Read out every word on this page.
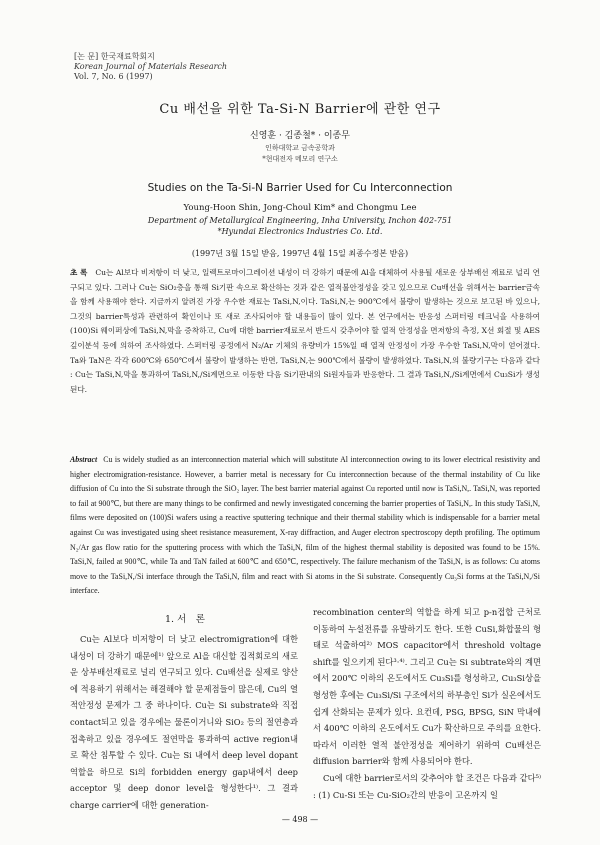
[논 문] 한국재료학회지
Korean Journal of Materials Research
Vol. 7, No. 6 (1997)
Cu 배선을 위한 Ta-Si-N Barrier에 관한 연구
신영훈 · 김종철* · 이종무
인하대학교 금속공학과
*현대전자 메모리 연구소
Studies on the Ta-Si-N Barrier Used for Cu Interconnection
Young-Hoon Shin, Jong-Choul Kim* and Chongmu Lee
Department of Metallurgical Engineering, Inha University, Inchon 402-751
*Hyundai Electronics Industries Co. Ltd.
(1997년 3월 15일 받음, 1997년 4월 15일 최종수정본 받음)
초 록 Cu는 Al보다 비저항이 더 낮고, 일렉트로마이그레이션 내성이 더 강하기 때문에 Al을 대체하여 사용될 새로운 상부배선 재료로 널리 연구되고 있다. 그러나 Cu는 SiO₂층을 통해 Si기판 속으로 확산하는 것과 같은 열적불안정성을 갖고 있으므로 Cu배선을 위해서는 barrier금속을 함께 사용해야 한다. 지금까지 알려진 가장 우수한 재료는 TaSi,N,이다. TaSi,N,는 900℃에서 불량이 발생하는 것으로 보고된 바 있으나, 그것의 barrier특성과 관련하여 확인이나 또 새로 조사되어야 할 내용들이 많이 있다. 본 연구에서는 반응성 스퍼터링 테크닉을 사용하여 (100)Si 웨이퍼상에 TaSi,N,막을 증착하고, Cu에 대한 barrier재료로서 반드시 갖추어야 할 열적 안정성을 면저항의 측정, X선 회절 및 AES 깊이분석 등에 의하여 조사하였다. 스퍼터링 공정에서 N₂/Ar 기체의 유량비가 15%일 때 열적 안정성이 가장 우수한 TaSi,N,막이 얻어졌다. Ta와 TaN은 각각 600℃와 650℃에서 불량이 발생하는 반면, TaSi,N,는 900℃에서 불량이 발생하였다. TaSi,N,의 불량기구는 다음과 같다 : Cu는 TaSi,N,막을 통과하여 TaSi,N,/Si계면으로 이동한 다음 Si기판내의 Si원자들과 반응한다. 그 결과 TaSi,N,/Si계면에서 Cu₃Si가 생성된다.
Abstract Cu is widely studied as an interconnection material which will substitute Al interconnection owing to its lower electrical resistivity and higher electromigration-resistance. However, a barrier metal is necessary for Cu interconnection because of the thermal instability of Cu like diffusion of Cu into the Si substrate through the SiO₂ layer. The best barrier material against Cu reported until now is TaSi,N,. TaSi,N, was reported to fail at 900℃, but there are many things to be confirmed and newly investigated concerning the barrier properties of TaSi,N,. In this study TaSi,N, films were deposited on (100)Si wafers using a reactive sputtering technique and their thermal stability which is indispensable for a barrier metal against Cu was investigated using sheet resistance measurement, X-ray diffraction, and Auger electron spectroscopy depth profiling. The optimum N₂/Ar gas flow ratio for the sputtering process with which the TaSi,N, film of the highest thermal stability is deposited was found to be 15%. TaSi,N, failed at 900℃, while Ta and TaN failed at 600℃ and 650℃, respectively. The failure mechanism of the TaSi,N, is as follows: Cu atoms move to the TaSi,N,/Si interface through the TaSi,N, film and react with Si atoms in the Si substrate. Consequently Cu₃Si forms at the TaSi,N,/Si interface.
1. 서　론

Cu는 Al보다 비저항이 더 낮고 electromigration에 대한 내성이 더 강하기 때문에¹⁾ 앞으로 Al을 대신할 집적회로의 새로운 상부배선재료로 널리 연구되고 있다. Cu배선을 실제로 양산에 적용하기 위해서는 해결해야 할 문제점들이 많은데, Cu의 열적안정성 문제가 그 중 하나이다. Cu는 Si substrate와 직접 contact되고 있을 경우에는 물론이거니와 SiO₂ 등의 절연층과 접촉하고 있을 경우에도 절연막을 통과하여 active region내로 확산 침투할 수 있다. Cu는 Si 내에서 deep level dopant역할을 하므로 Si의 forbidden energy gap내에서 deep acceptor 및 deep donor level을 형성한다¹⁾. 그 결과 charge carrier에 대한 generation-

recombination center의 역할을 하게 되고 p-n접합 근처로 이동하여 누설전류를 유발하기도 한다. 또한 CuSi,화합물의 형태로 석출하여²⁾ MOS capacitor에서 threshold voltage shift를 일으키게 된다³·⁴⁾. 그리고 Cu는 Si subtrate와의 계면에서 200℃ 이하의 온도에서도 Cu₃Si를 형성하고, Cu₃Si상을 형성한 후에는 Cu₃Si/Si 구조에서의 하부층인 Si가 실온에서도 쉽게 산화되는 문제가 있다. 요컨데, PSG, BPSG, SiN 막내에서 400℃ 이하의 온도에서도 Cu가 확산하므로 주의를 요한다. 따라서 이러한 열적 불안정성을 제어하기 위하여 Cu배선은 diffusion barrier와 함께 사용되어야 한다.

Cu에 대한 barrier로서의 갖추어야 할 조건은 다음과 같다⁵⁾ : (1) Cu-Si 또는 Cu-SiO₂간의 반응이 고온까지 일

— 498 —
